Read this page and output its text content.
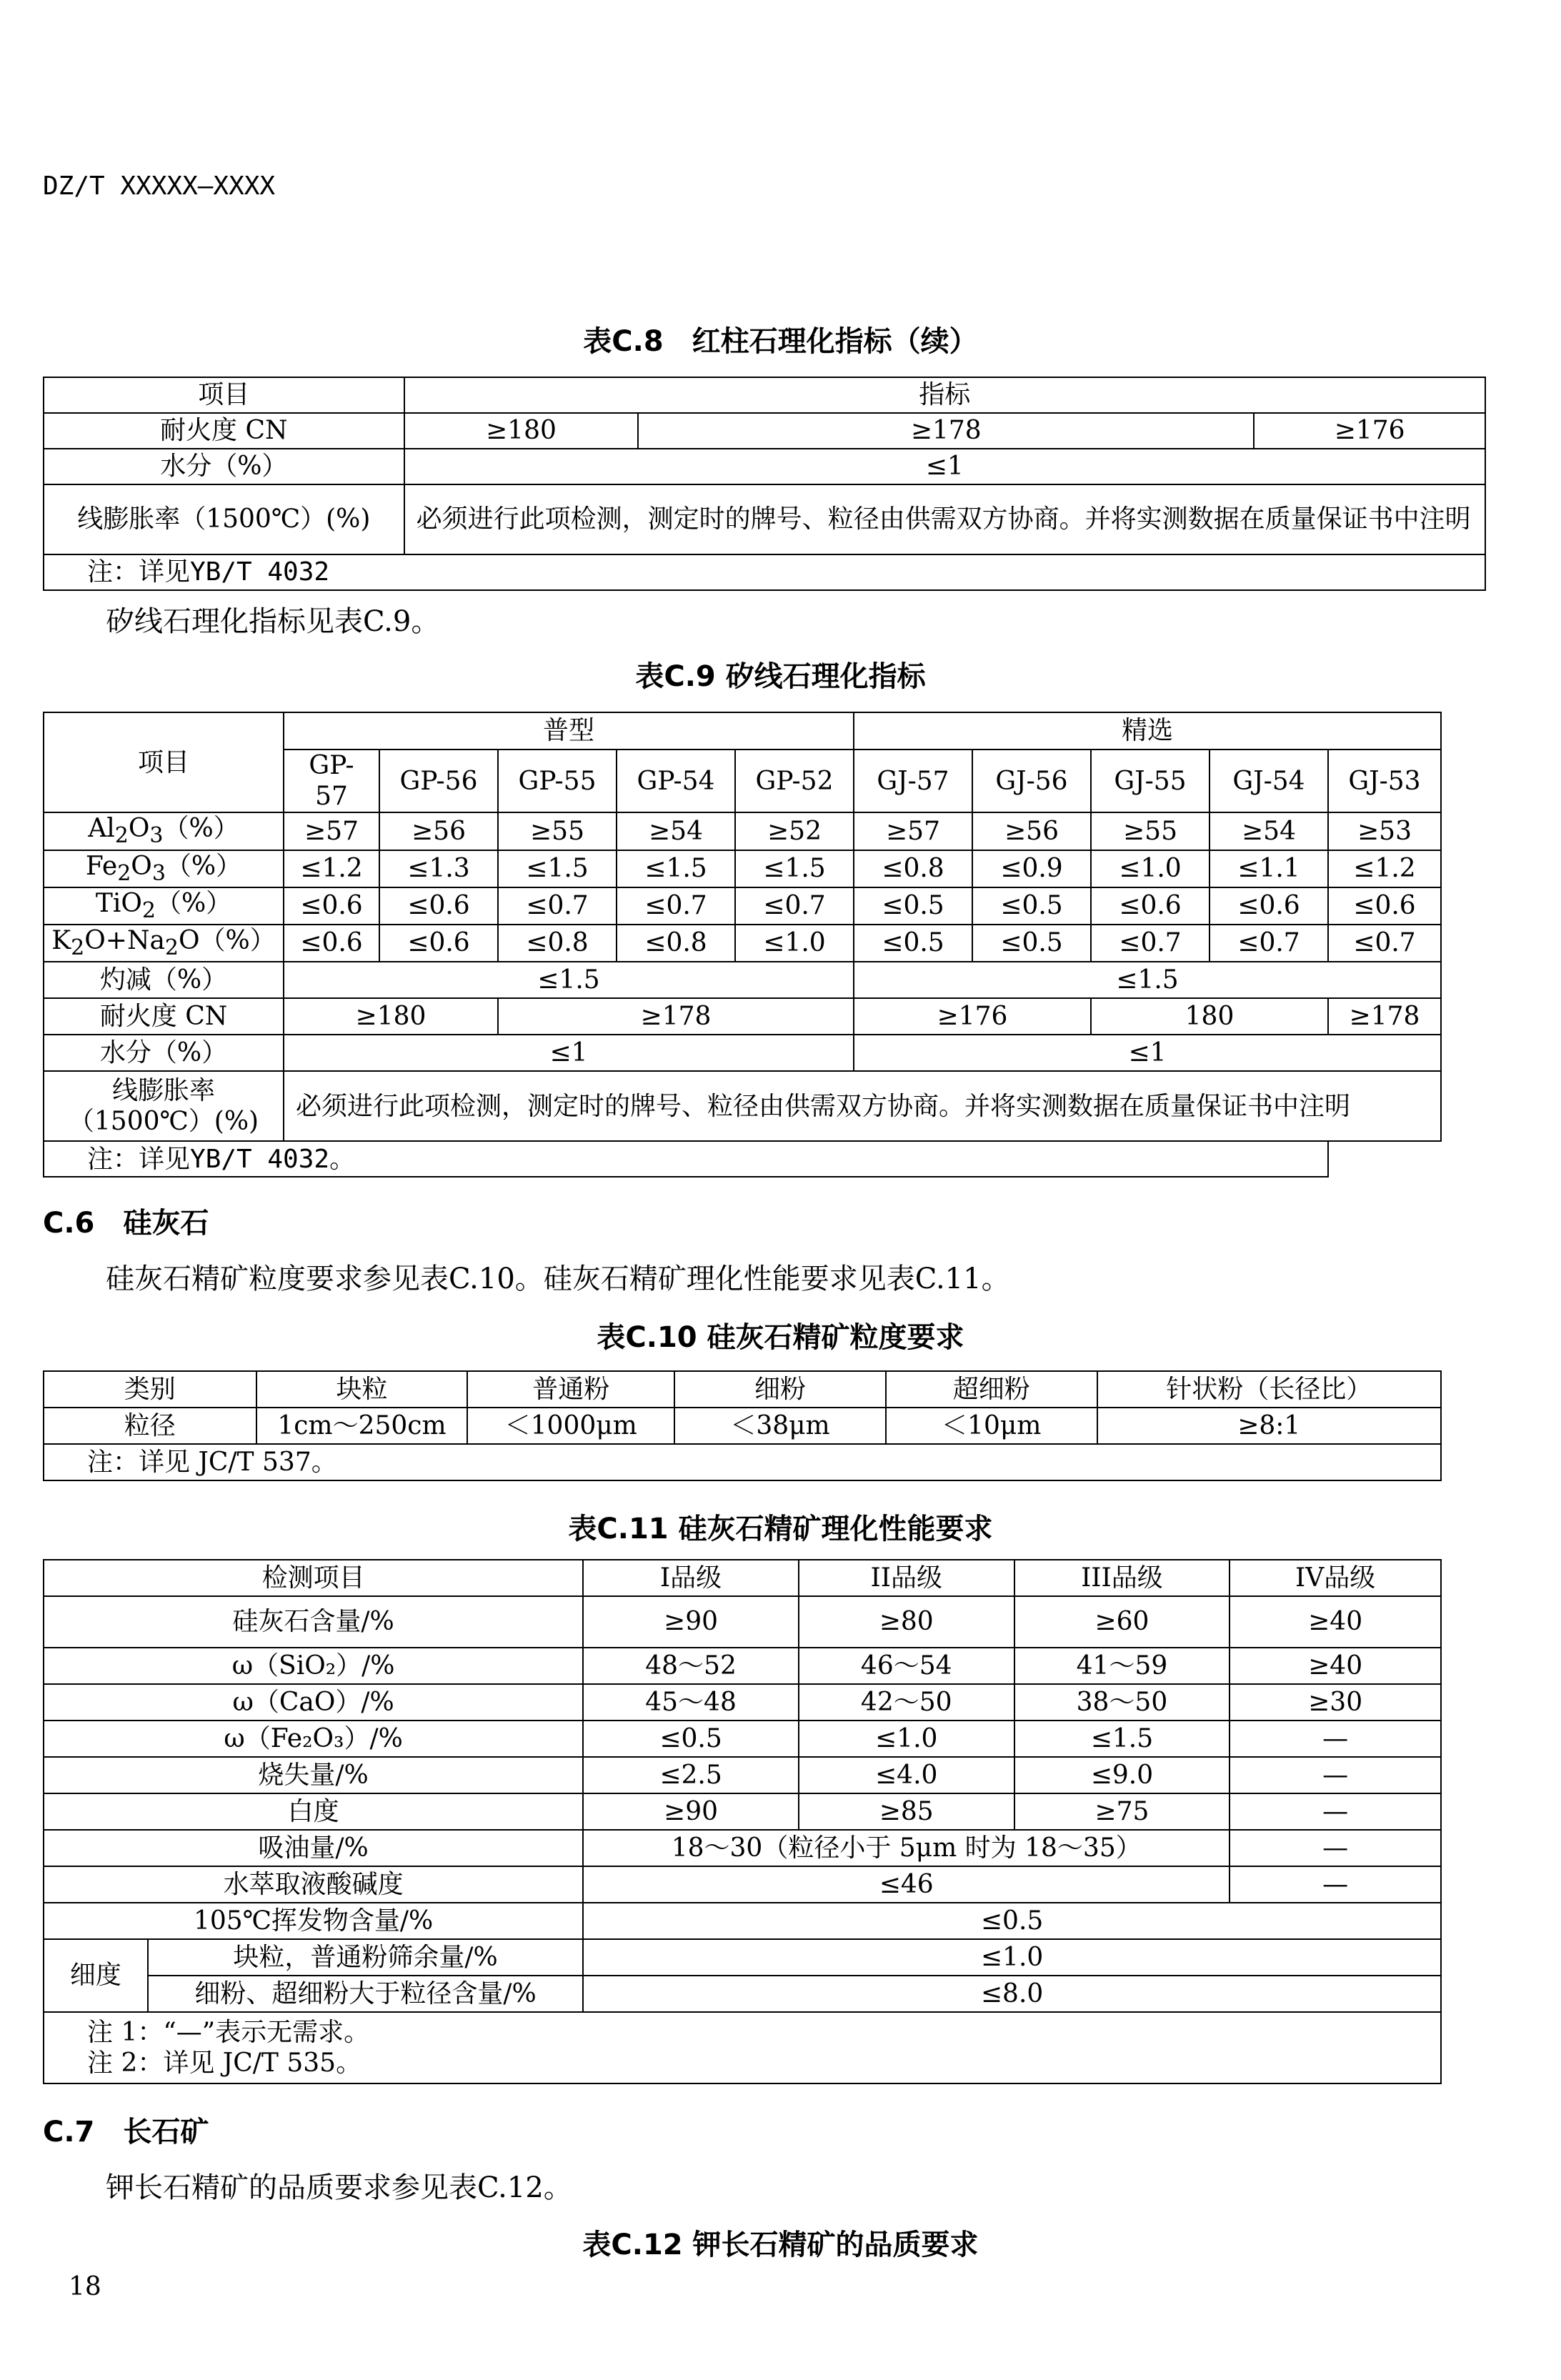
DZ/T XXXXX—XXXX
表C.8　红柱石理化指标（续）
项目	指标		
耐火度 CN	≥180	≥178	≥176
水分（%）	≤1		
线膨胀率（1500℃）(%)	必须进行此项检测，测定时的牌号、粒径由供需双方协商。并将实测数据在质量保证书中注明		
注：详见YB/T 4032			
矽线石理化指标见表C.9。
表C.9 矽线石理化指标
项目	普型					精选				
	GP-57	GP-56	GP-55	GP-54	GP-52	GJ-57	GJ-56	GJ-55	GJ-54	GJ-53
$Al_2O_3(\%)$	≥57	≥56	≥55	≥54	≥52	≥57	≥56	≥55	≥54	≥53
$Fe_2O_3(\%)$	≤1.2	≤1.3	≤1.5	≤1.5	≤1.5	≤0.8	≤0.9	≤1.0	≤1.1	≤1.2
TiO$_2$（%）	≤0.6	≤0.6	≤0.7	≤0.7	≤0.7	≤0.5	≤0.5	≤0.6	≤0.6	≤0.6
$K_2O+Na_2O(\%)$	≤0.6	≤0.6	≤0.8	≤0.8	≤1.0	≤0.5	≤0.5	≤0.7	≤0.7	≤0.7
灼减（%）	≤1.5					≤1.5				
耐火度 CN	≥180		≥178			≥176		180		≥178
水分（%）	≤1					≤1				

线膨胀率
（1500℃）(%)	必须进行此项检测，测定时的牌号、粒径由供需双方协商。并将实测数据在质量保证书中注明									
注：详见YB/T 4032。										
C.6　硅灰石
硅灰石精矿粒度要求参见表C.10。硅灰石精矿理化性能要求见表C.11。
表C.10 硅灰石精矿粒度要求
类别	块粒	普通粉	细粉	超细粉	针状粉（长径比）
粒径	1cm～250cm	＜1000μm	＜38μm	＜10μm	≥8:1
注：详见 JC/T 537。					
表C.11 硅灰石精矿理化性能要求
检测项目		I品级	II品级	III品级	IV品级
硅灰石含量/%		≥90	≥80	≥60	≥40
ω（SiO₂）/%		48～52	46～54	41～59	≥40
ω（CaO）/%		45～48	42～50	38～50	≥30
ω（Fe₂O₃）/%		≤0.5	≤1.0	≤1.5	—
烧失量/%		≤2.5	≤4.0	≤9.0	—
白度		≥90	≥85	≥75	—
吸油量/%		18～30（粒径小于 5μm 时为 18～35）			—
水萃取液酸碱度		≤46			—
105℃挥发物含量/%		≤0.5			
细度	块粒，普通粉筛余量/%	≤1.0			
	细粉、超细粉大于粒径含量/%	≤8.0			

注 1：“—”表示无需求。
注 2：详见 JC/T 535。					
C.7　长石矿
钾长石精矿的品质要求参见表C.12。
表C.12 钾长石精矿的品质要求
18
